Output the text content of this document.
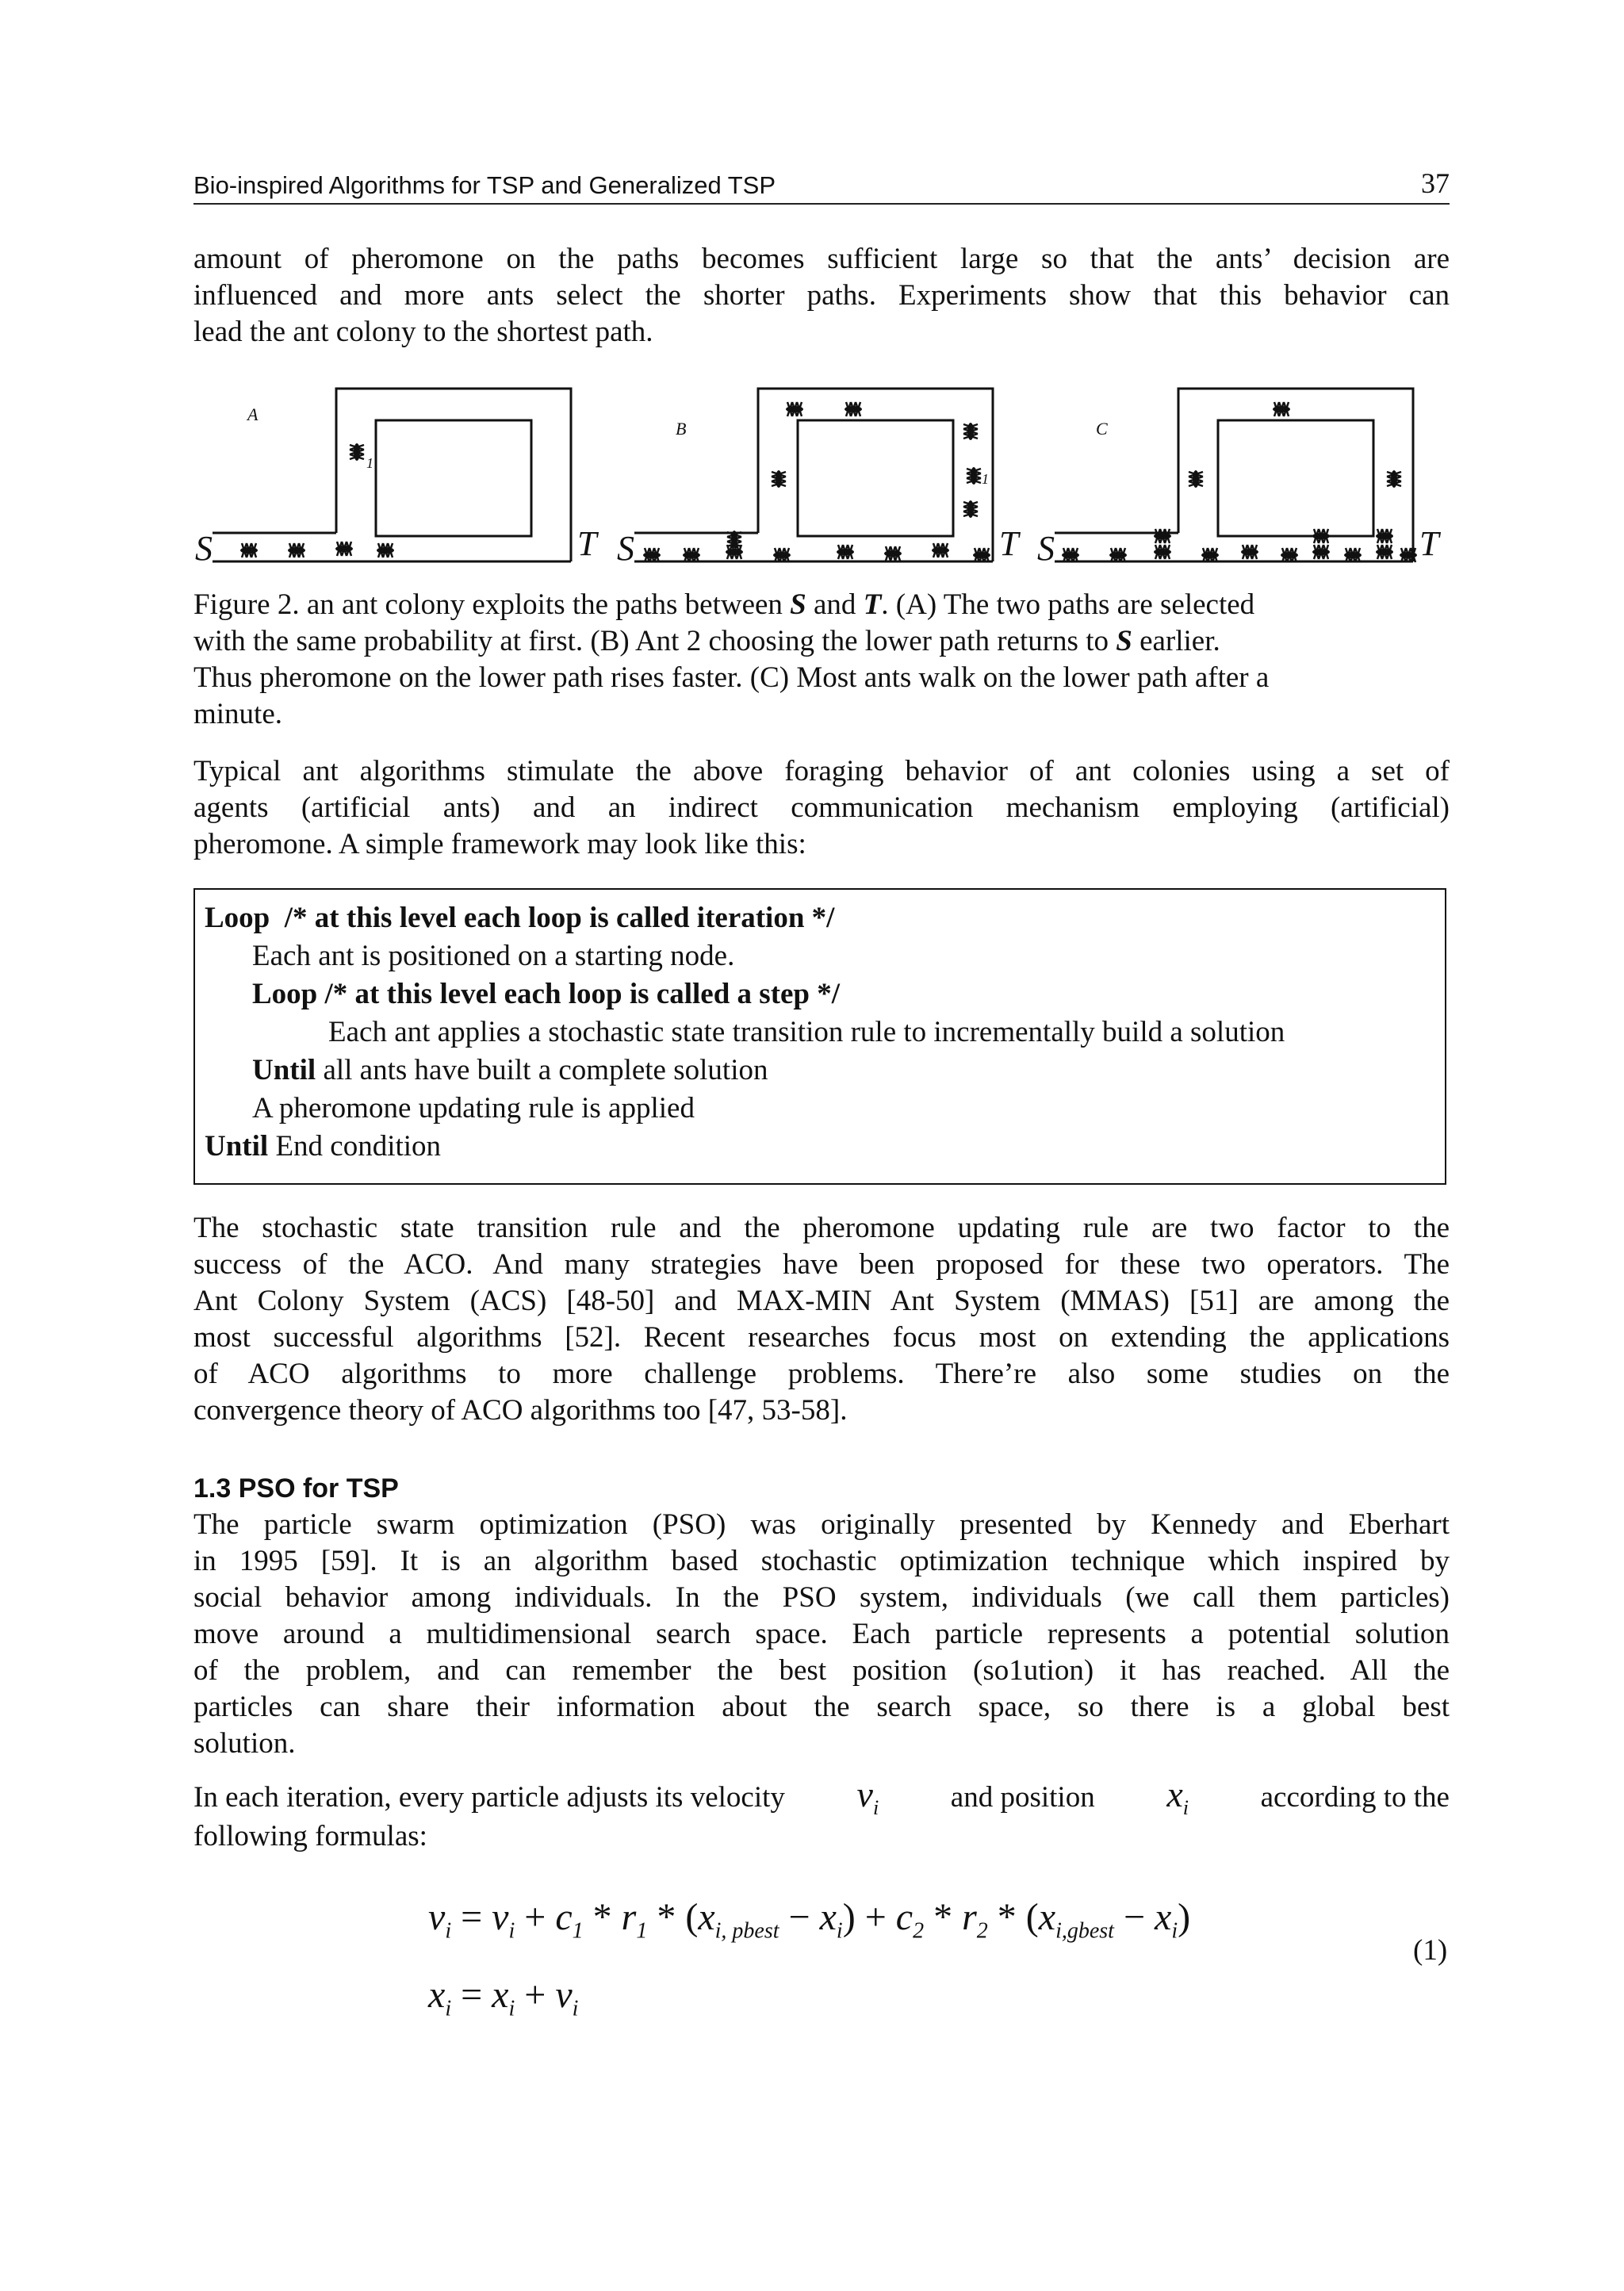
Bio-inspired Algorithms for TSP and Generalized TSP	37
amount of pheromone on the paths becomes sufficient large so that the ants’ decision are
influenced and more ants select the shorter paths. Experiments show that this behavior can
lead the ant colony to the shortest path.
A
S	T
1
B
S	T
1
C
S	T
Figure 2. an ant colony exploits the paths between S and T. (A) The two paths are selected
with the same probability at first. (B) Ant 2 choosing the lower path returns to S earlier.
Thus pheromone on the lower path rises faster. (C) Most ants walk on the lower path after a
minute.
Typical ant algorithms stimulate the above foraging behavior of ant colonies using a set of
agents (artificial ants) and an indirect communication mechanism employing (artificial)
pheromone. A simple framework may look like this:
Loop  /* at this level each loop is called iteration */
Each ant is positioned on a starting node.
Loop /* at this level each loop is called a step */
Each ant applies a stochastic state transition rule to incrementally build a solution
Until all ants have built a complete solution
A pheromone updating rule is applied
Until End condition
The stochastic state transition rule and the pheromone updating rule are two factor to the
success of the ACO. And many strategies have been proposed for these two operators. The
Ant Colony System (ACS) [48-50] and MAX-MIN Ant System (MMAS) [51] are among the
most successful algorithms [52]. Recent researches focus most on extending the applications
of ACO algorithms to more challenge problems. There’re also some studies on the
convergence theory of ACO algorithms too [47, 53-58].
1.3 PSO for TSP
The particle swarm optimization (PSO) was originally presented by Kennedy and Eberhart
in 1995 [59]. It is an algorithm based stochastic optimization technique which inspired by
social behavior among individuals. In the PSO system, individuals (we call them particles)
move around a multidimensional search space. Each particle represents a potential solution
of the problem, and can remember the best position (so1ution) it has reached. All the
particles can share their information about the search space, so there is a global best
solution.
In each iteration, every particle adjusts its velocity $v_i$ and position $x_i$ according to the
following formulas:
$v_i = v_i + c_1 * r_1 * (x_{i, pbest} - x_i) + c_2 * r_2 * (x_{i,gbest} - x_i)$
$x_i = x_i + v_i$
(1)
